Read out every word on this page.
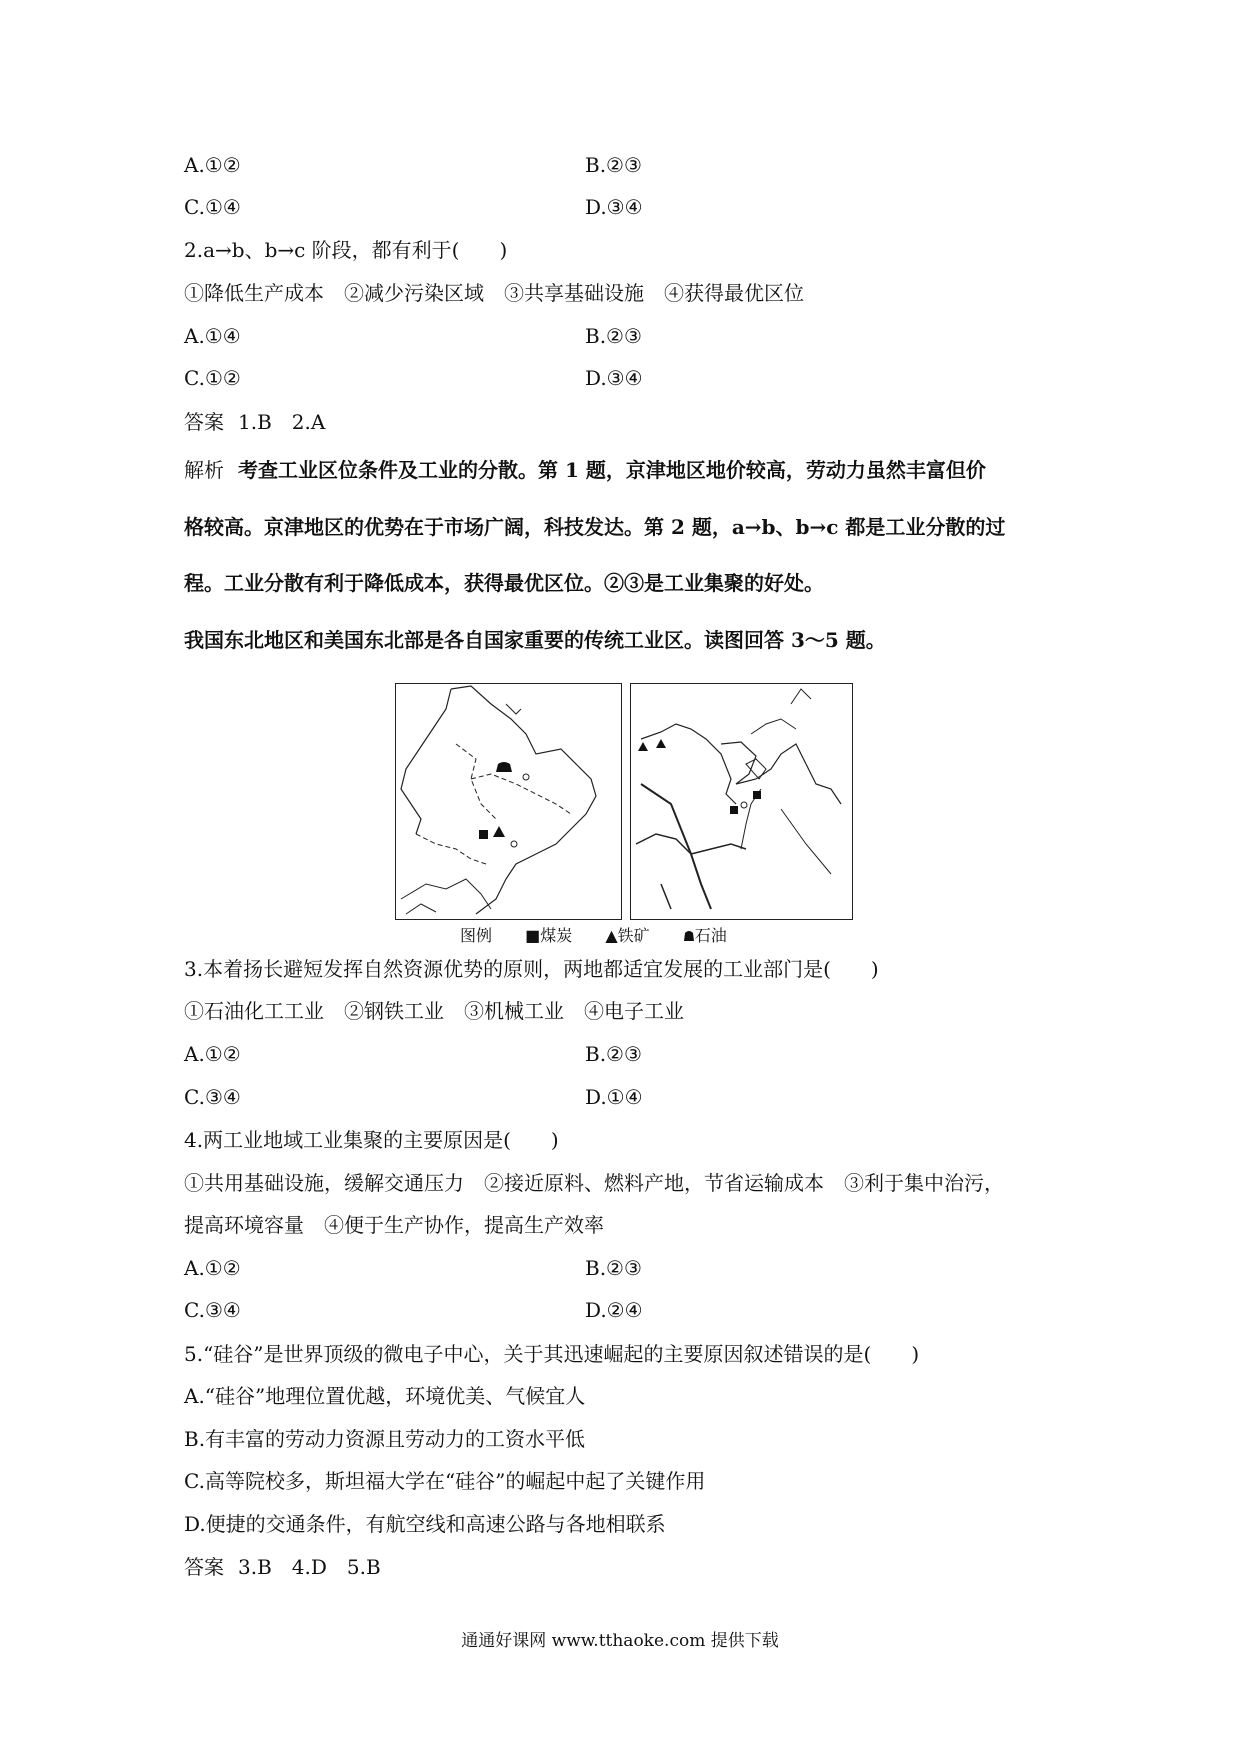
A.①②	B.②③
C.①④	D.③④
2.a→b、b→c 阶段，都有利于(　　)
①降低生产成本　②减少污染区域　③共享基础设施　④获得最优区位
A.①④	B.②③
C.①②	D.③④
答案 1.B　2.A
解析 考查工业区位条件及工业的分散。第 1 题，京津地区地价较高，劳动力虽然丰富但价
格较高。京津地区的优势在于市场广阔，科技发达。第 2 题，a→b、b→c 都是工业分散的过
程。工业分散有利于降低成本，获得最优区位。②③是工业集聚的好处。
我国东北地区和美国东北部是各自国家重要的传统工业区。读图回答 3～5 题。
图例 ■煤炭 ▲铁矿	石油
3.本着扬长避短发挥自然资源优势的原则，两地都适宜发展的工业部门是(　　)
①石油化工工业　②钢铁工业　③机械工业　④电子工业
A.①②	B.②③
C.③④	D.①④
4.两工业地域工业集聚的主要原因是(　　)
①共用基础设施，缓解交通压力　②接近原料、燃料产地，节省运输成本　③利于集中治污，
提高环境容量　④便于生产协作，提高生产效率
A.①②	B.②③
C.③④	D.②④
5.“硅谷”是世界顶级的微电子中心，关于其迅速崛起的主要原因叙述错误的是(　　)
A.“硅谷”地理位置优越，环境优美、气候宜人
B.有丰富的劳动力资源且劳动力的工资水平低
C.高等院校多，斯坦福大学在“硅谷”的崛起中起了关键作用
D.便捷的交通条件，有航空线和高速公路与各地相联系
答案 3.B　4.D　5.B
通通好课网 www.tthaoke.com 提供下载
